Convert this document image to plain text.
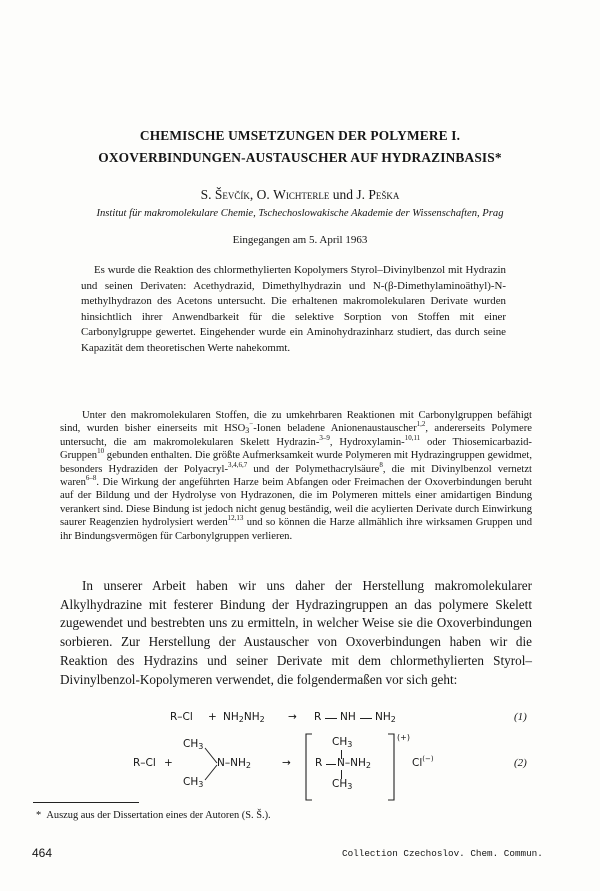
CHEMISCHE UMSETZUNGEN DER POLYMERE I.
OXOVERBINDUNGEN-AUSTAUSCHER AUF HYDRAZINBASIS*
S. Ševčík, O. Wichterle und J. Peška
Institut für makromolekulare Chemie, Tschechoslowakische Akademie der Wissenschaften, Prag
Eingegangen am 5. April 1963
Es wurde die Reaktion des chlormethylierten Kopolymers Styrol–Divinylbenzol mit Hydrazin und seinen Derivaten: Acethydrazid, Dimethylhydrazin und N-(β-Dimethylaminoäthyl)-N-methylhydrazon des Acetons untersucht. Die erhaltenen makromolekularen Derivate wurden hinsichtlich ihrer Anwendbarkeit für die selektive Sorption von Stoffen mit einer Carbonylgruppe gewertet. Eingehender wurde ein Aminohydrazinharz studiert, das durch seine Kapazität dem theoretischen Werte nahekommt.
Unter den makromolekularen Stoffen, die zu umkehrbaren Reaktionen mit Carbonylgruppen befähigt sind, wurden bisher einerseits mit $HSO_3^-$-Ionen beladene Anionenaustauscher$^{1,2}$, andererseits Polymere untersucht, die am makromolekularen Skelett Hydrazin-$^{3-9}$, Hydroxylamin-$^{10,11}$ oder Thiosemicarbazid-Gruppen$^{10}$ gebunden enthalten. Die größte Aufmerksamkeit wurde Polymeren mit Hydrazingruppen gewidmet, besonders Hydraziden der Polyacryl-$^{3,4,6,7}$ und der Polymethacrylsäure$^8$, die mit Divinylbenzol vernetzt waren$^{6-8}$. Die Wirkung der angeführten Harze beim Abfangen oder Freimachen der Oxoverbindungen beruht auf der Bildung und der Hydrolyse von Hydrazonen, die im Polymeren mittels einer amidartigen Bindung verankert sind. Diese Bindung ist jedoch nicht genug beständig, weil die acylierten Derivate durch Einwirkung saurer Reagenzien hydrolysiert werden$^{12,13}$ und so können die Harze allmählich ihre wirksamen Gruppen und ihr Bindungsvermögen für Carbonylgruppen verlieren.
In unserer Arbeit haben wir uns daher der Herstellung makromolekularer Alkylhydrazine mit festerer Bindung der Hydrazingruppen an das polymere Skelett zugewendet und bestrebten uns zu ermitteln, in welcher Weise sie die Oxoverbindungen sorbieren. Zur Herstellung der Austauscher von Oxoverbindungen haben wir die Reaktion des Hydrazins und seiner Derivate mit dem chlormethylierten Styrol–Divinylbenzol-Kopolymeren verwendet, die folgendermaßen vor sich geht:
$R-Cl + NH_2NH_2 \to R$ NH $NH_2$	(1)
R–Cl +
$CH_3$
$CH_3$
$N-NH_2$	→
$CH_3$
R $N-NH_2$
$CH_3$
(+)
Cl(−)	(2)
* Auszug aus der Dissertation eines der Autoren (S. Š.).
464	Collection Czechoslov. Chem. Commun.
